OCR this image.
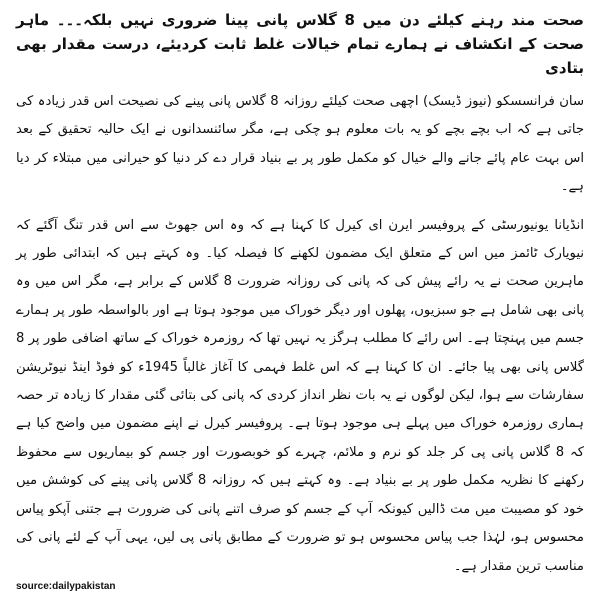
صحت مند رہنے کیلئے دن میں 8 گلاس پانی پینا ضروری نہیں بلکہ۔۔۔ ماہر صحت کے انکشاف نے ہمارے تمام خیالات غلط ثابت کردیئے، درست مقدار بھی بتادی
سان فرانسسکو (نیوز ڈیسک) اچھی صحت کیلئے روزانہ 8 گلاس پانی پینے کی نصیحت اس قدر زیادہ کی جاتی ہے کہ اب بچے بچے کو یہ بات معلوم ہو چکی ہے، مگر سائنسدانوں نے ایک حالیہ تحقیق کے بعد اس بہت عام پائے جانے والے خیال کو مکمل طور پر بے بنیاد قرار دے کر دنیا کو حیرانی میں مبتلاء کر دیا ہے۔
انڈیانا یونیورسٹی کے پروفیسر ایرن ای کیرل کا کہنا ہے کہ وہ اس جھوٹ سے اس قدر تنگ آگئے کہ نیویارک ٹائمز میں اس کے متعلق ایک مضمون لکھنے کا فیصلہ کیا۔ وہ کہتے ہیں کہ ابتدائی طور پر ماہرین صحت نے یہ رائے پیش کی کہ پانی کی روزانہ ضرورت 8 گلاس کے برابر ہے، مگر اس میں وہ پانی بھی شامل ہے جو سبزیوں، پھلوں اور دیگر خوراک میں موجود ہوتا ہے اور بالواسطہ طور پر ہمارے جسم میں پہنچتا ہے۔ اس رائے کا مطلب ہرگز یہ نہیں تھا کہ روزمرہ خوراک کے ساتھ اضافی طور پر 8 گلاس پانی بھی پیا جائے۔ ان کا کہنا ہے کہ اس غلط فہمی کا آغاز غالباً 1945ء کو فوڈ اینڈ نیوٹریشن سفارشات سے ہوا، لیکن لوگوں نے یہ بات نظر انداز کردی کہ پانی کی بتائی گئی مقدار کا زیادہ تر حصہ ہماری روزمرہ خوراک میں پہلے ہی موجود ہوتا ہے۔ پروفیسر کیرل نے اپنے مضمون میں واضح کیا ہے کہ 8 گلاس پانی پی کر جلد کو نرم و ملائم، چہرے کو خوبصورت اور جسم کو بیماریوں سے محفوظ رکھنے کا نظریہ مکمل طور پر بے بنیاد ہے۔ وہ کہتے ہیں کہ روزانہ 8 گلاس پانی پینے کی کوشش میں خود کو مصیبت میں مت ڈالیں کیونکہ آپ کے جسم کو صرف اتنے پانی کی ضرورت ہے جتنی آپکو پیاس محسوس ہو، لہٰذا جب پیاس محسوس ہو تو ضرورت کے مطابق پانی پی لیں، یہی آپ کے لئے پانی کی مناسب ترین مقدار ہے۔
source:dailypakistan
